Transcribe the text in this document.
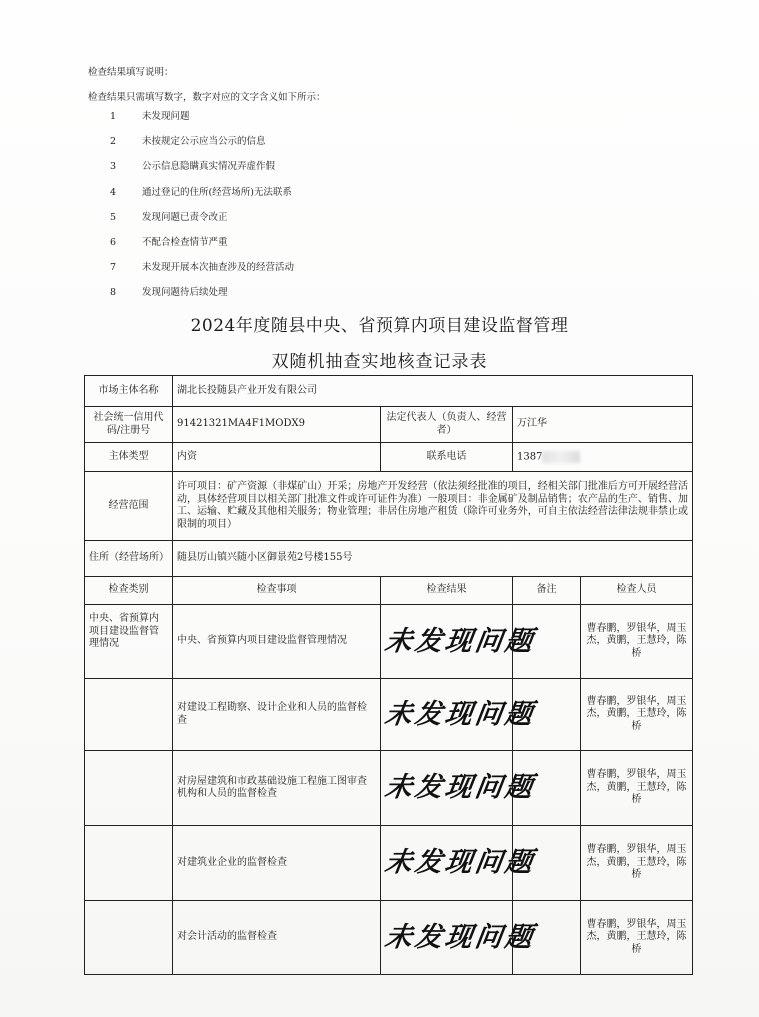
检查结果填写说明：
检查结果只需填写数字，数字对应的文字含义如下所示：
1	未发现问题
2	未按规定公示应当公示的信息
3	公示信息隐瞒真实情况弄虚作假
4	通过登记的住所(经营场所)无法联系
5	发现问题已责令改正
6	不配合检查情节严重
7	未发现开展本次抽查涉及的经营活动
8	发现问题待后续处理
2024年度随县中央、省预算内项目建设监督管理
双随机抽查实地核查记录表
市场主体名称	湖北长投随县产业开发有限公司			
社会统一信用代码/注册号	91421321MA4F1MODX9	法定代表人（负责人、经营者）	万江华	
主体类型	内资	联系电话	1387	
经营范围	许可项目：矿产资源（非煤矿山）开采；房地产开发经营（依法须经批准的项目，经相关部门批准后方可开展经营活动，具体经营项目以相关部门批准文件或许可证件为准）一般项目：非金属矿及制品销售；农产品的生产、销售、加工、运输、贮藏及其他相关服务；物业管理；非居住房地产租赁（除许可业务外，可自主依法经营法律法规非禁止或限制的项目）			
住所（经营场所）	随县厉山镇兴随小区御景苑2号楼155号			
检查类别	检查事项	检查结果	备注	检查人员
中央、省预算内项目建设监督管理情况	中央、省预算内项目建设监督管理情况	未发现问题		曹春鹏，罗银华，周玉杰，黄鹏，王慧玲，陈桥
	对建设工程勘察、设计企业和人员的监督检查	未发现问题		曹春鹏，罗银华，周玉杰，黄鹏，王慧玲，陈桥
	对房屋建筑和市政基础设施工程施工图审查机构和人员的监督检查	未发现问题		曹春鹏，罗银华，周玉杰，黄鹏，王慧玲，陈桥
	对建筑业企业的监督检查	未发现问题		曹春鹏，罗银华，周玉杰，黄鹏，王慧玲，陈桥
	对会计活动的监督检查	未发现问题		曹春鹏，罗银华，周玉杰，黄鹏，王慧玲，陈桥
